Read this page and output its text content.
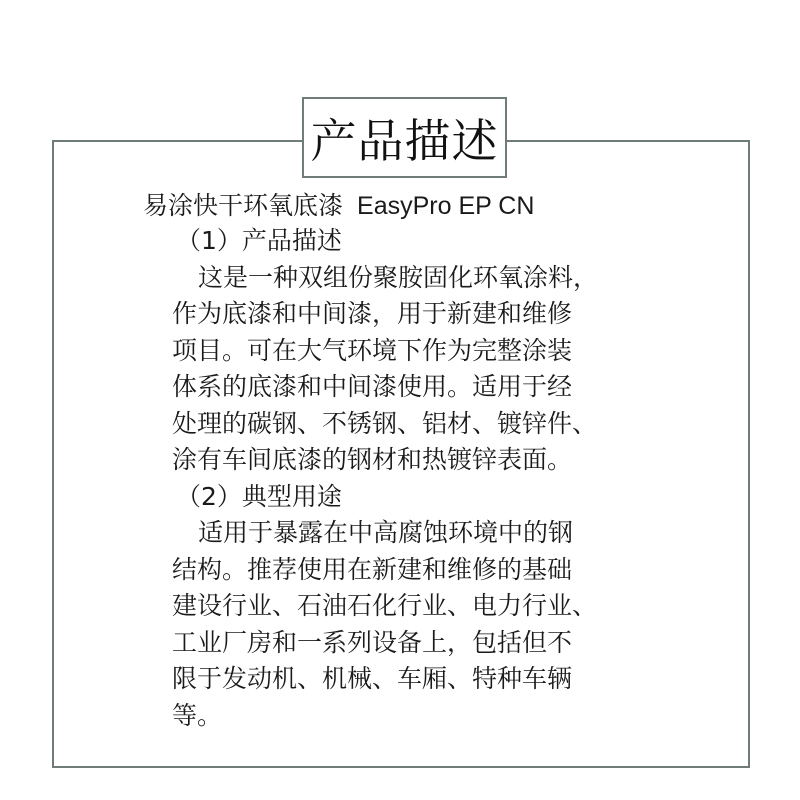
产品描述
易涂快干环氧底漆 EasyPro EP CN
（1）产品描述
这是一种双组份聚胺固化环氧涂料，
作为底漆和中间漆，用于新建和维修
项目。可在大气环境下作为完整涂装
体系的底漆和中间漆使用。适用于经
处理的碳钢、不锈钢、铝材、镀锌件、
涂有车间底漆的钢材和热镀锌表面。
（2）典型用途
适用于暴露在中高腐蚀环境中的钢
结构。推荐使用在新建和维修的基础
建设行业、石油石化行业、电力行业、
工业厂房和一系列设备上，包括但不
限于发动机、机械、车厢、特种车辆
等。
